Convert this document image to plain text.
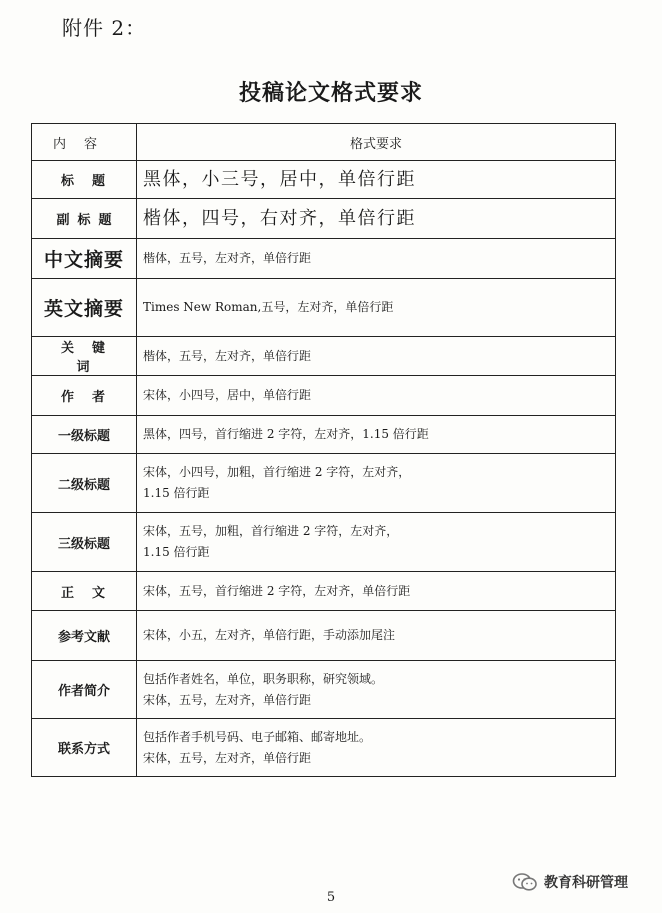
附件 2：
投稿论文格式要求
内容	格式要求
标题	黑体，小三号，居中，单倍行距

副标题	楷体，四号，右对齐，单倍行距

中文摘要	楷体，五号，左对齐，单倍行距

英文摘要	Times New Roman,五号，左对齐，单倍行距

关键词	楷体，五号，左对齐，单倍行距

作者	宋体，小四号，居中，单倍行距

一级标题	黑体，四号，首行缩进 2 字符，左对齐，1.15 倍行距

二级标题	宋体，小四号，加粗，首行缩进 2 字符，左对齐，
1.15 倍行距

三级标题	宋体，五号，加粗，首行缩进 2 字符，左对齐，
1.15 倍行距

正文	宋体，五号，首行缩进 2 字符，左对齐，单倍行距

参考文献	宋体，小五，左对齐，单倍行距，手动添加尾注

作者简介	包括作者姓名，单位，职务职称，研究领域。
宋体，五号，左对齐，单倍行距

联系方式	包括作者手机号码、电子邮箱、邮寄地址。
宋体，五号，左对齐，单倍行距
5
教育科研管理
